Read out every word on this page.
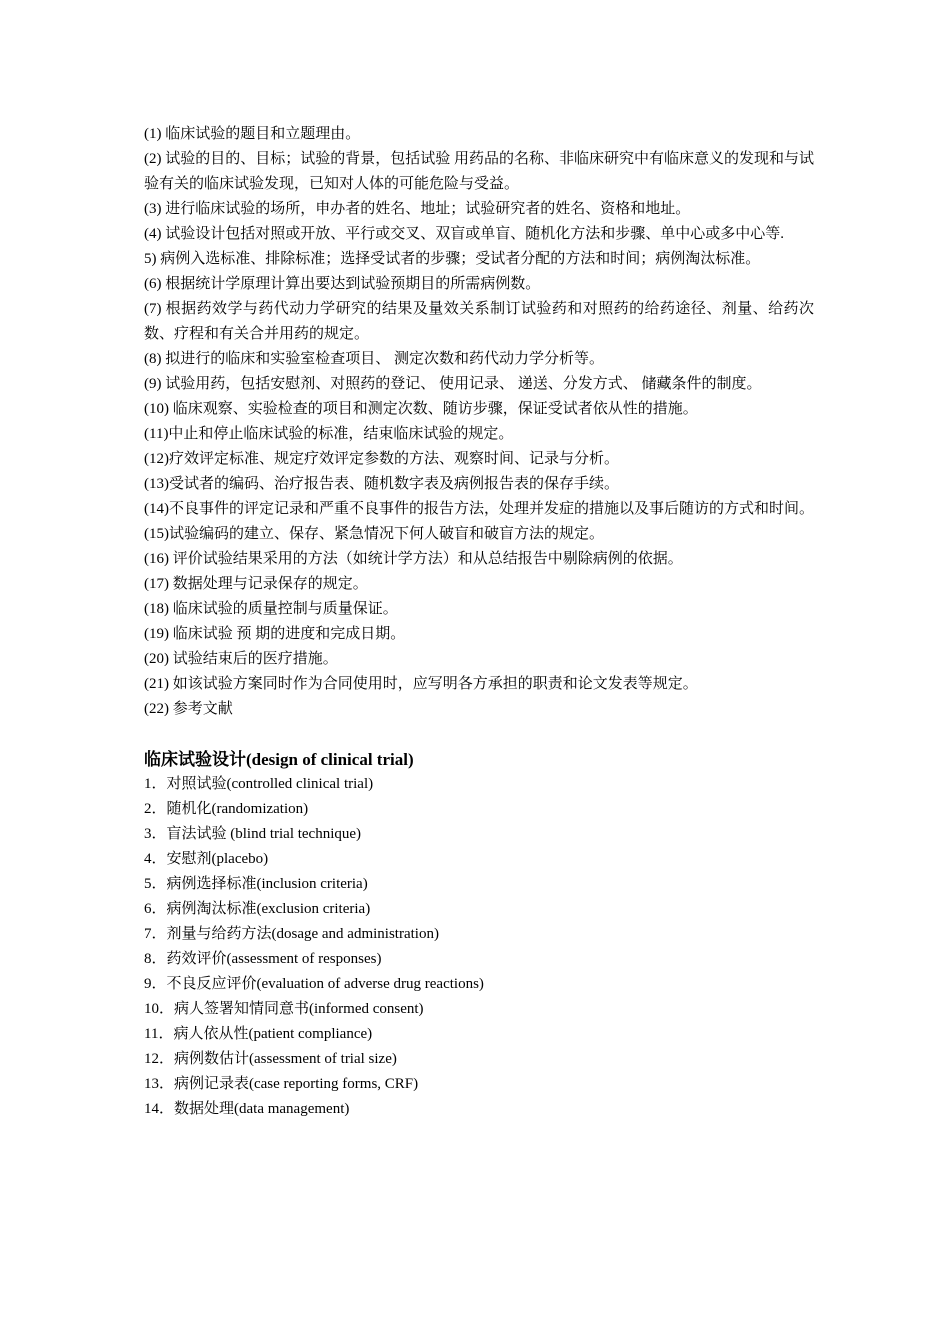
(1) 临床试验的题目和立题理由。

(2) 试验的目的、目标；试验的背景，包括试验 用药品的名称、非临床研究中有临床意义的发现和与试验有关的临床试验发现，已知对人体的可能危险与受益。

(3) 进行临床试验的场所，申办者的姓名、地址；试验研究者的姓名、资格和地址。

(4) 试验设计包括对照或开放、平行或交叉、双盲或单盲、随机化方法和步骤、单中心或多中心等.

5) 病例入选标准、排除标准；选择受试者的步骤；受试者分配的方法和时间；病例淘汰标准。

(6) 根据统计学原理计算出要达到试验预期目的所需病例数。

(7) 根据药效学与药代动力学研究的结果及量效关系制订试验药和对照药的给药途径、剂量、给药次数、疗程和有关合并用药的规定。

(8) 拟进行的临床和实验室检查项目、 测定次数和药代动力学分析等。

(9) 试验用药，包括安慰剂、对照药的登记、 使用记录、 递送、分发方式、 储藏条件的制度。

(10) 临床观察、实验检查的项目和测定次数、随访步骤，保证受试者依从性的措施。

(11)中止和停止临床试验的标准，结束临床试验的规定。

(12)疗效评定标准、规定疗效评定参数的方法、观察时间、记录与分析。

(13)受试者的编码、治疗报告表、随机数字表及病例报告表的保存手续。

(14)不良事件的评定记录和严重不良事件的报告方法，处理并发症的措施以及事后随访的方式和时间。

(15)试验编码的建立、保存、紧急情况下何人破盲和破盲方法的规定。

(16) 评价试验结果采用的方法（如统计学方法）和从总结报告中剔除病例的依据。

(17) 数据处理与记录保存的规定。

(18) 临床试验的质量控制与质量保证。

(19) 临床试验 预 期的进度和完成日期。

(20) 试验结束后的医疗措施。

(21) 如该试验方案同时作为合同使用时，应写明各方承担的职责和论文发表等规定。

(22) 参考文献

临床试验设计(design of clinical trial)

1．对照试验(controlled clinical trial)

2．随机化(randomization)

3．盲法试验 (blind trial technique)

4．安慰剂(placebo)

5．病例选择标准(inclusion criteria)

6．病例淘汰标准(exclusion criteria)

7．剂量与给药方法(dosage and administration)

8．药效评价(assessment of responses)

9．不良反应评价(evaluation of adverse drug reactions)

10．病人签署知情同意书(informed consent)

11．病人依从性(patient compliance)

12．病例数估计(assessment of trial size)

13．病例记录表(case reporting forms, CRF)

14．数据处理(data management)
